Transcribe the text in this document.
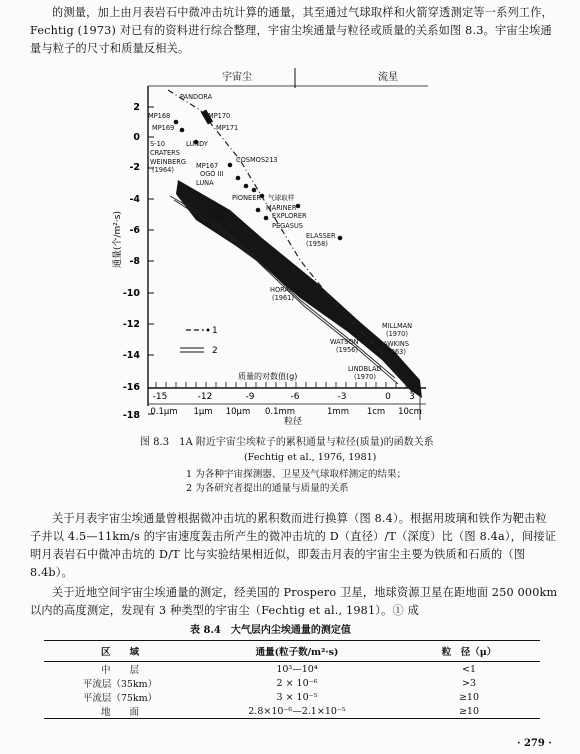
的测量，加上由月表岩石中微冲击坑计算的通量，其至通过气球取样和火箭穿透测定等一系列工作，Fechtig (1973) 对已有的资料进行综合整理，宇宙尘埃通量与粒径或质量的关系如图 8.3。宇宙尘埃通量与粒子的尺寸和质量反相关。

宇宙尘	流星
2
0
-2
-4
-6
-8
-10
-12
-14
-16
-18
通量(个/m²·s)
质量的对数值(g)
-15	-12	-9	-6	-3	0 3
0.1μm 1μm 10μm 0.1mm	1mm 1cm 10cm
粒径
1
2
PANDORA
MP170
MP168
MP169	MP171
S-10	LUNDY
CRATERS
WEINBERG
(1964)	MP167
OGO III
LUNA
COSMOS213
PIONEER 气球取样
MARINER
EXPLORER
PEGASUS
月球表面
ELASSER
(1958)
HORAN
(1961)
MILLMAN
(1970)
WATSON
(1956)
HAWKINS
(1963)
LINDBLAD
(1970)
图 8.3　1A 附近宇宙尘埃粒子的累积通量与粒径(质量)的函数关系
(Fechtig et al., 1976, 1981)
1 为各种宇宙探测器、卫星及气球取样测定的结果；
2 为各研究者提出的通量与质量的关系

关于月表宇宙尘埃通量曾根据微冲击坑的累积数而进行换算（图 8.4）。根据用玻璃和铁作为靶击粒子并以 4.5—11km/s 的宇宙速度轰击所产生的微冲击坑的 D（直径）/T（深度）比（图 8.4a），间接证明月表岩石中微冲击坑的 D/T 比与实验结果相近似，即轰击月表的宇宙尘主要为铁质和石质的（图 8.4b）。

关于近地空间宇宙尘埃通量的测定，经美国的 Prospero 卫星，地球资源卫星在距地面 250 000km 以内的高度测定，发现有 3 种类型的宇宙尘（Fechtig et al., 1981）。① 成

表 8.4　大气层内尘埃通量的测定值
区　　域	通量(粒子数/m²·s)	粒　径（μ）
中　　层	10³—10⁴	<1
平流层（35km）	2 × 10⁻⁶	>3
平流层（75km）	3 × 10⁻⁵	≥10
地　　面	2.8×10⁻⁶—2.1×10⁻⁵	≥10
· 279 ·
